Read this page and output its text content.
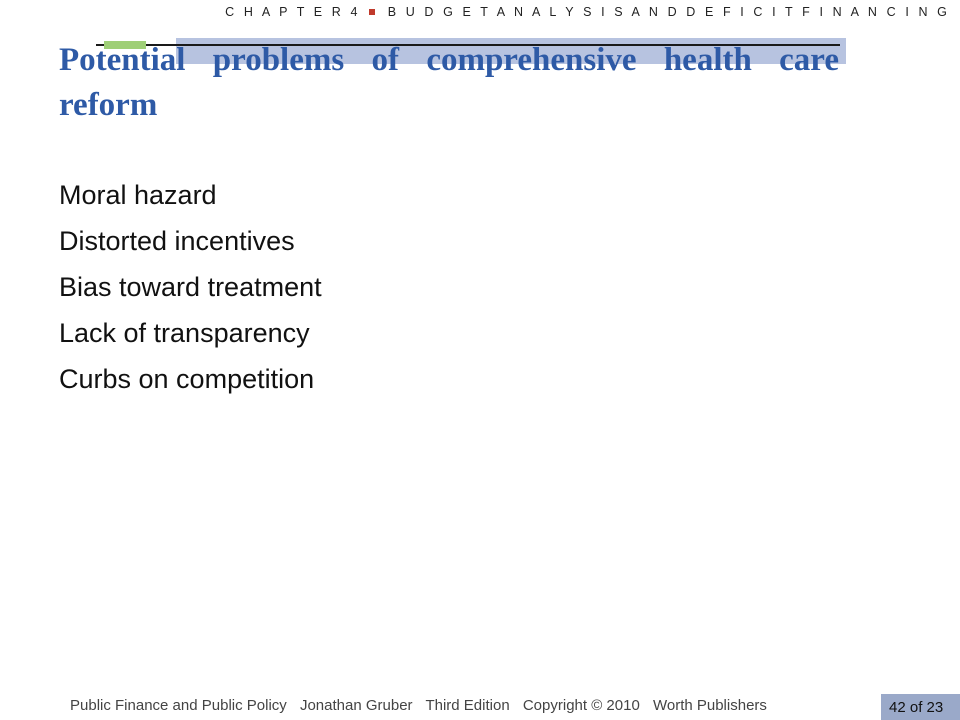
C H A P T E R 4 B U D G E T A N A L Y S I S A N D D E F I C I T F I N A N C I N G
Potential problems of comprehensive health care reform
Moral hazard
Distorted incentives
Bias toward treatment
Lack of transparency
Curbs on competition
Public Finance and Public Policy Jonathan Gruber Third Edition Copyright © 2010 Worth Publishers	42 of 23
